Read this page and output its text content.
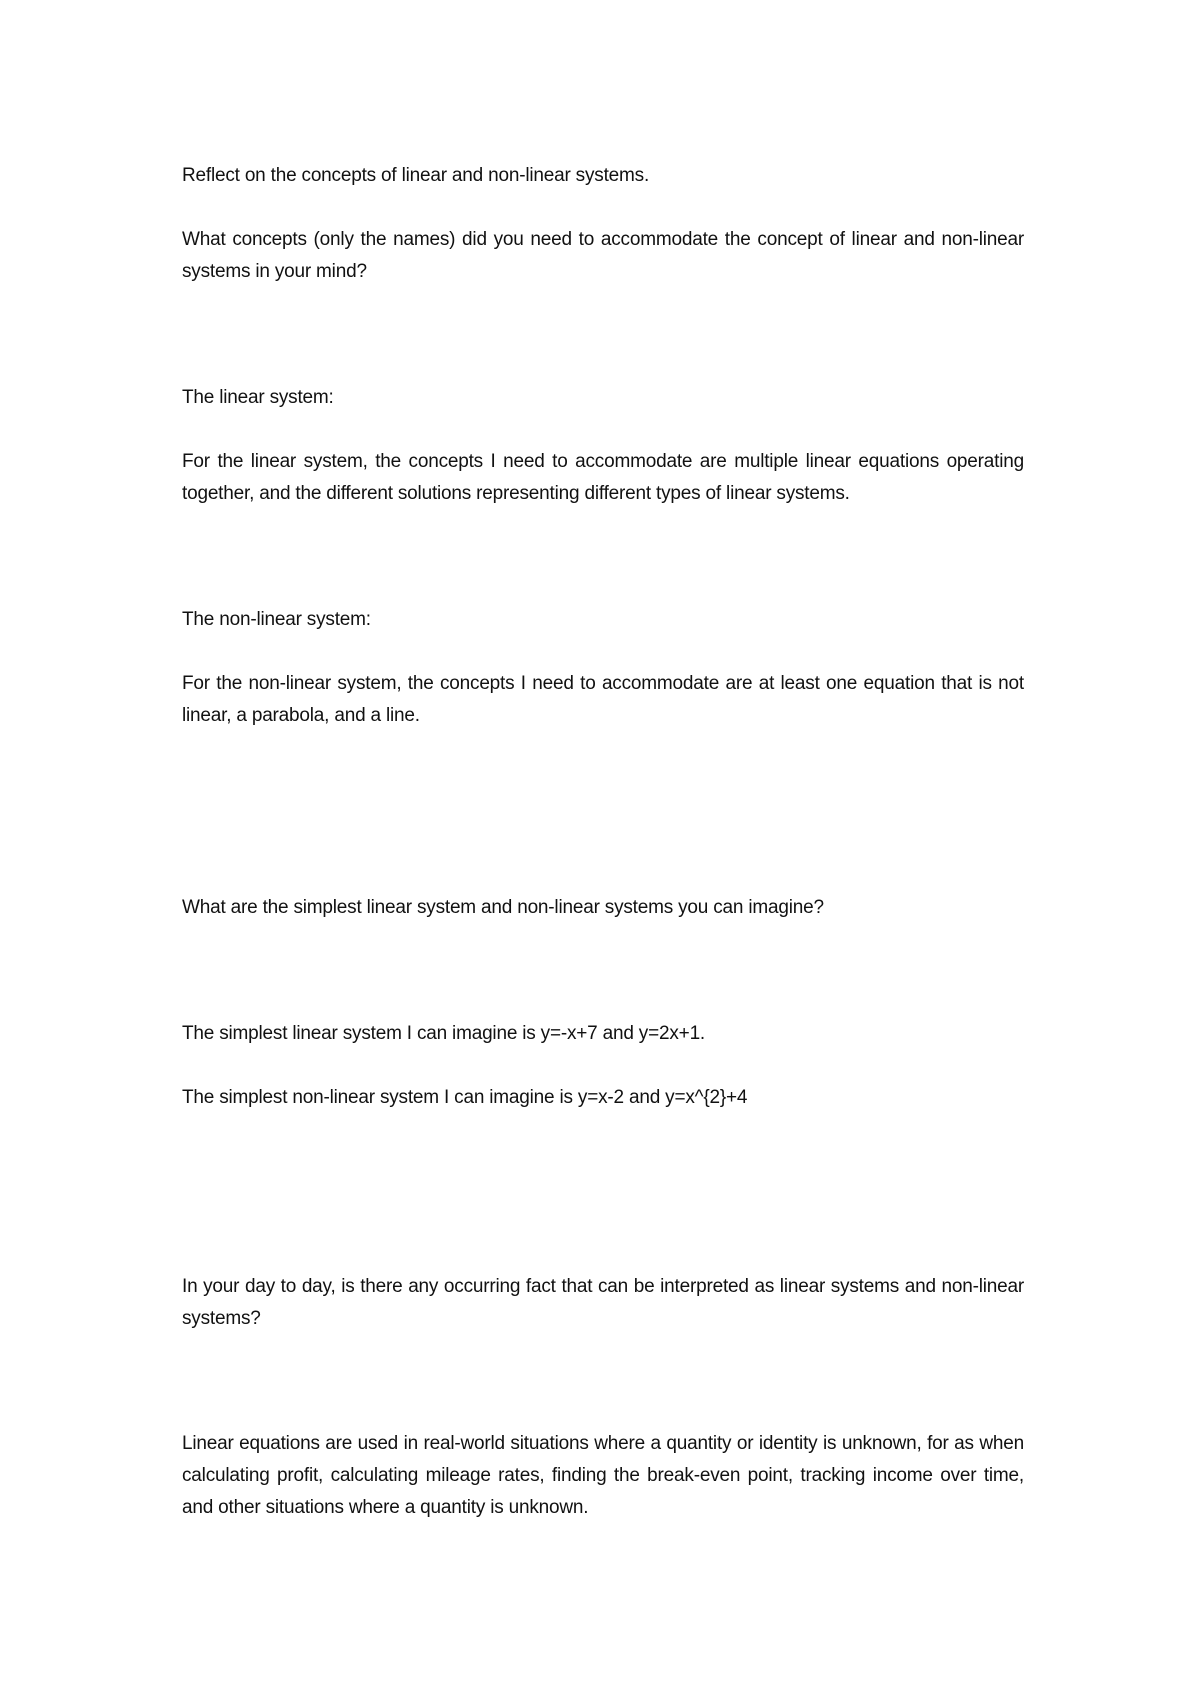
Reflect on the concepts of linear and non-linear systems.

What concepts (only the names) did you need to accommodate the concept of linear and non-linear systems in your mind?

The linear system:

For the linear system, the concepts I need to accommodate are multiple linear equations operating together, and the different solutions representing different types of linear systems.

The non-linear system:

For the non-linear system, the concepts I need to accommodate are at least one equation that is not linear, a parabola, and a line.

What are the simplest linear system and non-linear systems you can imagine?

The simplest linear system I can imagine is y=-x+7 and y=2x+1.

The simplest non-linear system I can imagine is y=x-2 and y=x^{2}+4

In your day to day, is there any occurring fact that can be interpreted as linear systems and non-linear systems?

Linear equations are used in real-world situations where a quantity or identity is unknown, for as when calculating profit, calculating mileage rates, finding the break-even point, tracking income over time, and other situations where a quantity is unknown.
